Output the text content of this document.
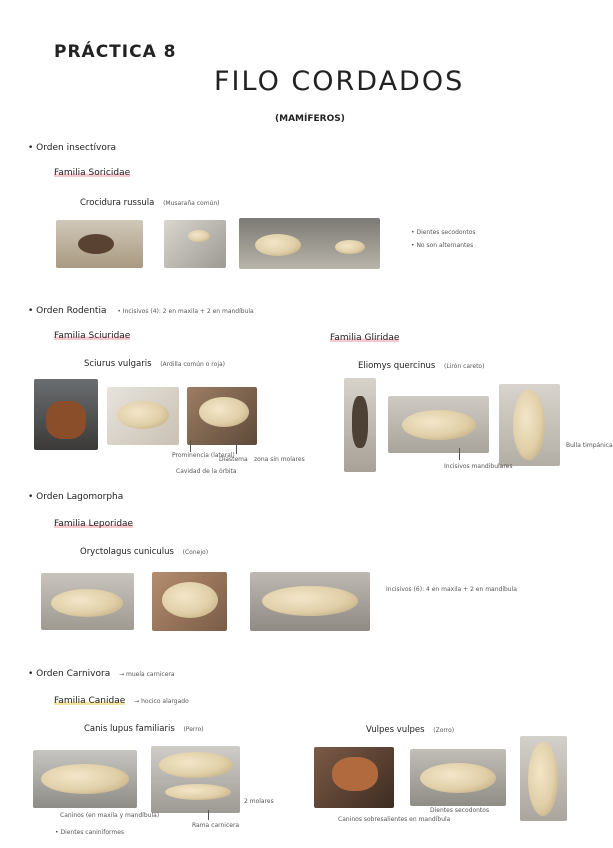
PRÁCTICA 8
FILO CORDADOS
(MAMÍFEROS)
• Orden insectívora
Familia Soricidae
Crocidura russula (Musaraña común)
• Dientes secodontos
• No son alternantes
• Orden Rodentia • Incisivos (4): 2 en maxila + 2 en mandíbula
Familia Sciuridae	Familia Gliridae
Sciurus vulgaris (Ardilla común o roja)	Eliomys quercinus (Lirón careto)
Prominencia (lateral)
Cavidad de la órbita
Diastema zona sin molares
Incisivos mandibulares
Bulla timpánica
• Orden Lagomorpha
Familia Leporidae
Oryctolagus cuniculus (Conejo)
Incisivos (6): 4 en maxila + 2 en mandíbula
• Orden Carnivora → muela carnicera
Familia Canidae → hocico alargado
Canis lupus familiaris (Perro)	Vulpes vulpes (Zorro)
Caninos (en maxila y mandíbula)
• Dientes caniniformes
Rama carnicera
2 molares
Caninos sobresalientes en mandíbula
Dientes secodontos
